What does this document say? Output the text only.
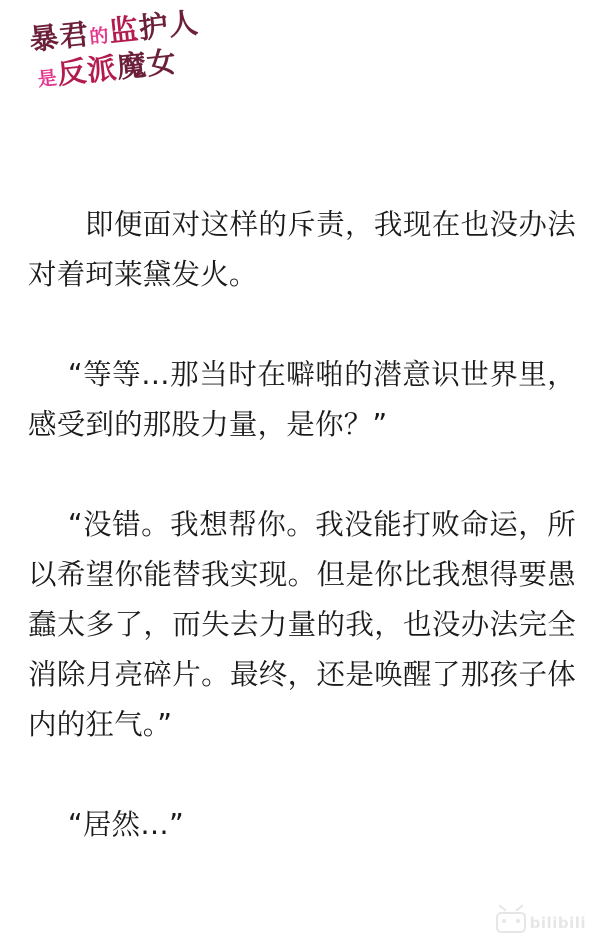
暴君的监护人
是反派魔女

即便面对这样的斥责，我现在也没办法对着珂莱黛发火。

“等等…那当时在噼啪的潜意识世界里，感受到的那股力量，是你？”

“没错。我想帮你。我没能打败命运，所以希望你能替我实现。但是你比我想得要愚蠢太多了，而失去力量的我，也没办法完全消除月亮碎片。最终，还是唤醒了那孩子体内的狂气。”

“居然…”

bilibili
